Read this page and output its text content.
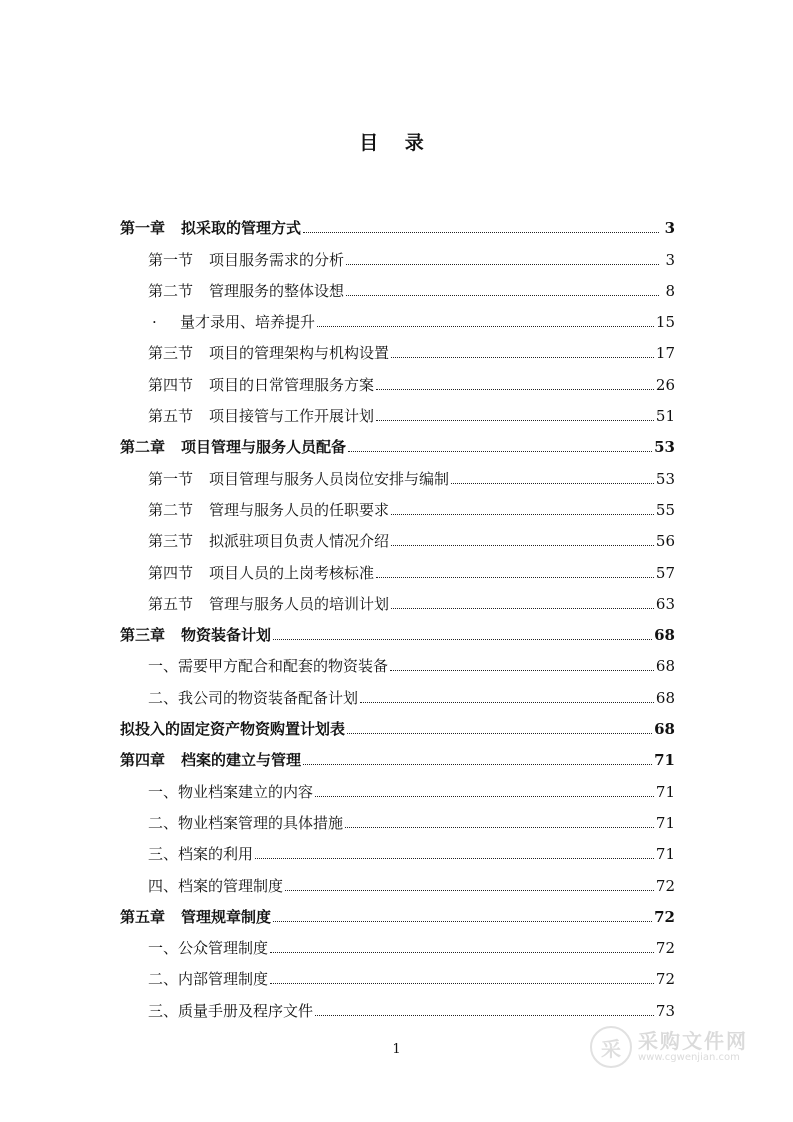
目 录
第一章 拟采取的管理方式	3
第一节 项目服务需求的分析	3
第二节 管理服务的整体设想	8
· 量才录用、培养提升	15
第三节 项目的管理架构与机构设置	17
第四节 项目的日常管理服务方案	26
第五节 项目接管与工作开展计划	51
第二章 项目管理与服务人员配备	53
第一节 项目管理与服务人员岗位安排与编制	53
第二节 管理与服务人员的任职要求	55
第三节 拟派驻项目负责人情况介绍	56
第四节 项目人员的上岗考核标准	57
第五节 管理与服务人员的培训计划	63
第三章 物资装备计划	68
一、需要甲方配合和配套的物资装备	68
二、我公司的物资装备配备计划	68
拟投入的固定资产物资购置计划表	68
第四章 档案的建立与管理	71
一、物业档案建立的内容	71
二、物业档案管理的具体措施	71
三、档案的利用	71
四、档案的管理制度	72
第五章 管理规章制度	72
一、公众管理制度	72
二、内部管理制度	72
三、质量手册及程序文件	73
1	采 采购文件网
www.cgwenjian.com
